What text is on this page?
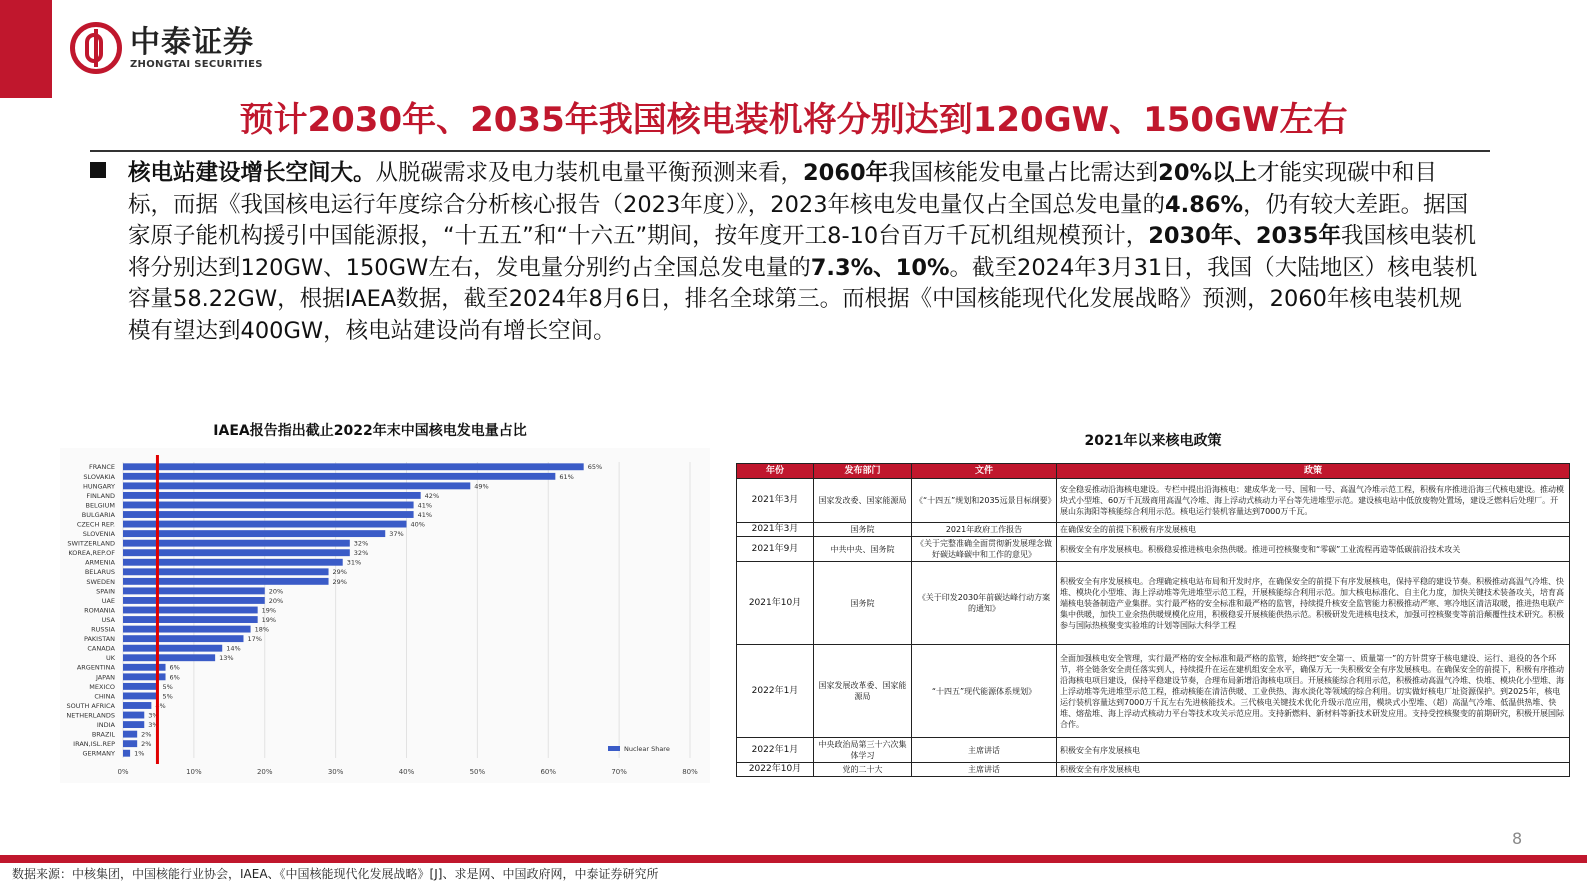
中泰证券
ZHONGTAI SECURITIES
预计2030年、2035年我国核电装机将分别达到120GW、150GW左右
核电站建设增长空间大。从脱碳需求及电力装机电量平衡预测来看，2060年我国核能发电量占比需达到20%以上才能实现碳中和目标，而据《我国核电运行年度综合分析核心报告（2023年度）》，2023年核电发电量仅占全国总发电量的4.86%，仍有较大差距。据国家原子能机构援引中国能源报，“十五五”和“十六五”期间，按年度开工8-10台百万千瓦机组规模预计，2030年、2035年我国核电装机将分别达到120GW、150GW左右，发电量分别约占全国总发电量的7.3%、10%。截至2024年3月31日，我国（大陆地区）核电装机容量58.22GW，根据IAEA数据，截至2024年8月6日，排名全球第三。而根据《中国核能现代化发展战略》预测，2060年核电装机规模有望达到400GW，核电站建设尚有增长空间。
IAEA报告指出截止2022年末中国核电发电量占比
0%	10%	20%	30%	40%	50%	60%	70%	80%
FRANCE	65%
SLOVAKIA	61%
HUNGARY	49%
FINLAND	42%
BELGIUM	41%
BULGARIA	41%
CZECH REP.	40%
SLOVENIA	37%
SWITZERLAND	32%
KOREA,REP.OF	32%
ARMENIA	31%
BELARUS	29%
SWEDEN	29%
SPAIN	20%
UAE	20%
ROMANIA	19%
USA	19%
RUSSIA	18%
PAKISTAN	17%
CANADA	14%
UK	13%
ARGENTINA	6%
JAPAN	6%
MEXICO	5%
CHINA	5%
SOUTH AFRICA	4%
NETHERLANDS	3%
INDIA	3%
BRAZIL	2%
IRAN,ISL.REP	2%
GERMANY	1%
Nuclear Share
2021年以来核电政策
年份	发布部门	文件	政策
2021年3月	国家发改委、国家能源局	《“十四五”规划和2035远景目标纲要》	安全稳妥推动沿海核电建设。专栏中提出沿海核电：建成华龙一号、国和一号、高温气冷堆示范工程，积极有序推进沿海三代核电建设。推动模块式小型堆、60万千瓦级商用高温气冷堆、海上浮动式核动力平台等先进堆型示范。建设核电站中低放废物处置场，建设乏燃料后处理厂。开展山东海阳等核能综合利用示范。核电运行装机容量达到7000万千瓦。
2021年3月	国务院	2021年政府工作报告	在确保安全的前提下积极有序发展核电
2021年9月	中共中央、国务院	《关于完整准确全面贯彻新发展理念做好碳达峰碳中和工作的意见》	积极安全有序发展核电。积极稳妥推进核电余热供暖。推进可控核聚变和“零碳”工业流程再造等低碳前沿技术攻关
2021年10月	国务院	《关于印发2030年前碳达峰行动方案的通知》	积极安全有序发展核电。合理确定核电站布局和开发时序，在确保安全的前提下有序发展核电，保持平稳的建设节奏。积极推动高温气冷堆、快堆、模块化小型堆、海上浮动堆等先进堆型示范工程，开展核能综合利用示范。加大核电标准化、自主化力度，加快关键技术装备攻关，培育高端核电装备制造产业集群。实行最严格的安全标准和最严格的监管，持续提升核安全监管能力积极推动严寒、寒冷地区清洁取暖，推进热电联产集中供暖，加快工业余热供暖规模化应用，积极稳妥开展核能供热示范。积极研发先进核电技术，加强可控核聚变等前沿颠覆性技术研究。积极参与国际热核聚变实验堆的计划等国际大科学工程
2022年1月	国家发展改革委、国家能源局	“十四五”现代能源体系规划》	全面加强核电安全管理，实行最严格的安全标准和最严格的监管，始终把“安全第一、质量第一”的方针贯穿于核电建设、运行、退役的各个环节，将全链条安全责任落实到人，持续提升在运在建机组安全水平，确保万无一失积极安全有序发展核电。在确保安全的前提下，积极有序推动沿海核电项目建设，保持平稳建设节奏，合理布局新增沿海核电项目。开展核能综合利用示范，积极推动高温气冷堆、快堆、模块化小型堆、海上浮动堆等先进堆型示范工程，推动核能在清洁供暖、工业供热、海水淡化等领域的综合利用。切实做好核电厂址资源保护。到2025年，核电运行装机容量达到7000万千瓦左右先进核能技术。三代核电关键技术优化升级示范应用，模块式小型堆、（超）高温气冷堆、低温供热堆、快堆、熔盐堆、海上浮动式核动力平台等技术攻关示范应用。支持新燃料、新材料等新技术研发应用。支持受控核聚变的前期研究，积极开展国际合作。
2022年1月	中央政治局第三十六次集体学习	主席讲话	积极安全有序发展核电
2022年10月	党的二十大	主席讲话	积极安全有序发展核电
8
数据来源：中核集团，中国核能行业协会，IAEA、《中国核能现代化发展战略》[J]、求是网、中国政府网，中泰证券研究所
